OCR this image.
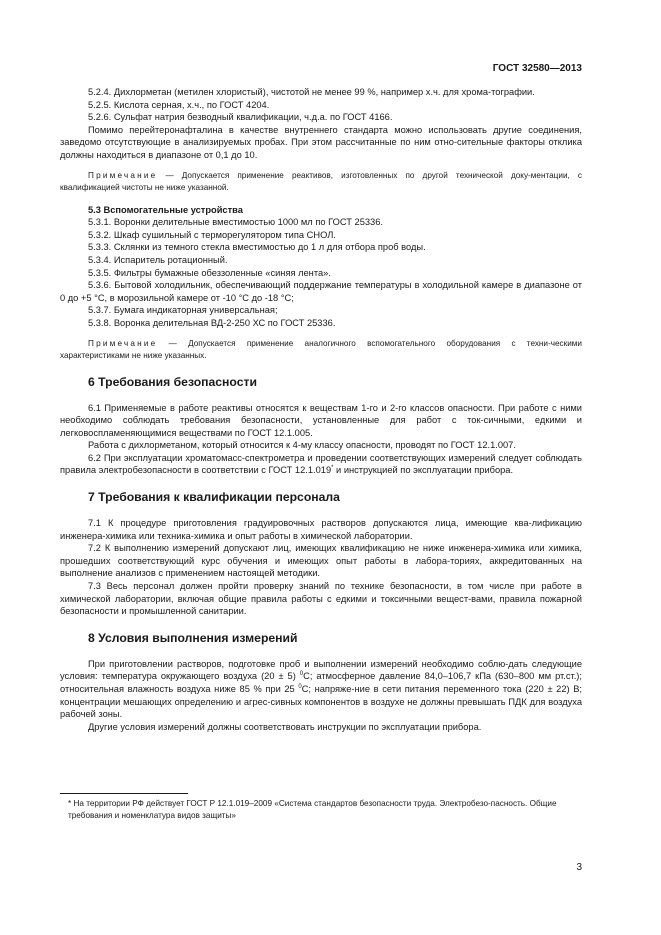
ГОСТ 32580—2013

5.2.4. Дихлорметан (метилен хлористый), чистотой не менее 99 %, например х.ч. для хрома-тографии.

5.2.5. Кислота серная, х.ч., по ГОСТ 4204.

5.2.6. Сульфат натрия безводный квалификации, ч.д.а. по ГОСТ 4166.

Помимо перейтеронафталина в качестве внутреннего стандарта можно использовать другие соединения, заведомо отсутствующие в анализируемых пробах. При этом рассчитанные по ним отно-сительные факторы отклика должны находиться в диапазоне от 0,1 до 10.

Примечание — Допускается применение реактивов, изготовленных по другой технической доку-ментации, с квалификацией чистоты не ниже указанной.

5.3 Вспомогательные устройства

5.3.1. Воронки делительные вместимостью 1000 мл по ГОСТ 25336.

5.3.2. Шкаф сушильный с терморегулятором типа СНОЛ.

5.3.3. Склянки из темного стекла вместимостью до 1 л для отбора проб воды.

5.3.4. Испаритель ротационный.

5.3.5. Фильтры бумажные обеззоленные «синяя лента».

5.3.6. Бытовой холодильник, обеспечивающий поддержание температуры в холодильной камере в диапазоне от 0 до +5 °С, в морозильной камере от -10 °С до -18 °С;

5.3.7. Бумага индикаторная универсальная;

5.3.8. Воронка делительная ВД-2-250 ХС по ГОСТ 25336.

Примечание — Допускается применение аналогичного вспомогательного оборудования с техни-ческими характеристиками не ниже указанных.

6 Требования безопасности

6.1 Применяемые в работе реактивы относятся к веществам 1-го и 2-го классов опасности. При работе с ними необходимо соблюдать требования безопасности, установленные для работ с ток-сичными, едкими и легковоспламеняющимися веществами по ГОСТ 12.1.005.

Работа с дихлорметаном, который относится к 4-му классу опасности, проводят по ГОСТ 12.1.007.

6.2 При эксплуатации хроматомасс-спектрометра и проведении соответствующих измерений следует соблюдать правила электробезопасности в соответствии с ГОСТ 12.1.019* и инструкцией по эксплуатации прибора.

7 Требования к квалификации персонала

7.1 К процедуре приготовления градуировочных растворов допускаются лица, имеющие ква-лификацию инженера-химика или техника-химика и опыт работы в химической лаборатории.

7.2 К выполнению измерений допускают лиц, имеющих квалификацию не ниже инженера-химика или химика, прошедших соответствующий курс обучения и имеющих опыт работы в лабора-ториях, аккредитованных на выполнение анализов с применением настоящей методики.

7.3 Весь персонал должен пройти проверку знаний по технике безопасности, в том числе при работе в химической лаборатории, включая общие правила работы с едкими и токсичными вещест-вами, правила пожарной безопасности и промышленной санитарии.

8 Условия выполнения измерений

При приготовлении растворов, подготовке проб и выполнении измерений необходимо соблю-дать следующие условия: температура окружающего воздуха (20 ± 5) $^0$С; атмосферное давление 84,0–106,7 кПа (630–800 мм рт.ст.); относительная влажность воздуха ниже 85 % при 25 $^0$С; напряже-ние в сети питания переменного тока (220 ± 22) В; концентрации мешающих определению и агрес-сивных компонентов в воздухе не должны превышать ПДК для воздуха рабочей зоны.

Другие условия измерений должны соответствовать инструкции по эксплуатации прибора.

* На территории РФ действует ГОСТ Р 12.1.019–2009 «Система стандартов безопасности труда. Электробезо-пасность. Общие требования и номенклатура видов защиты»
3
